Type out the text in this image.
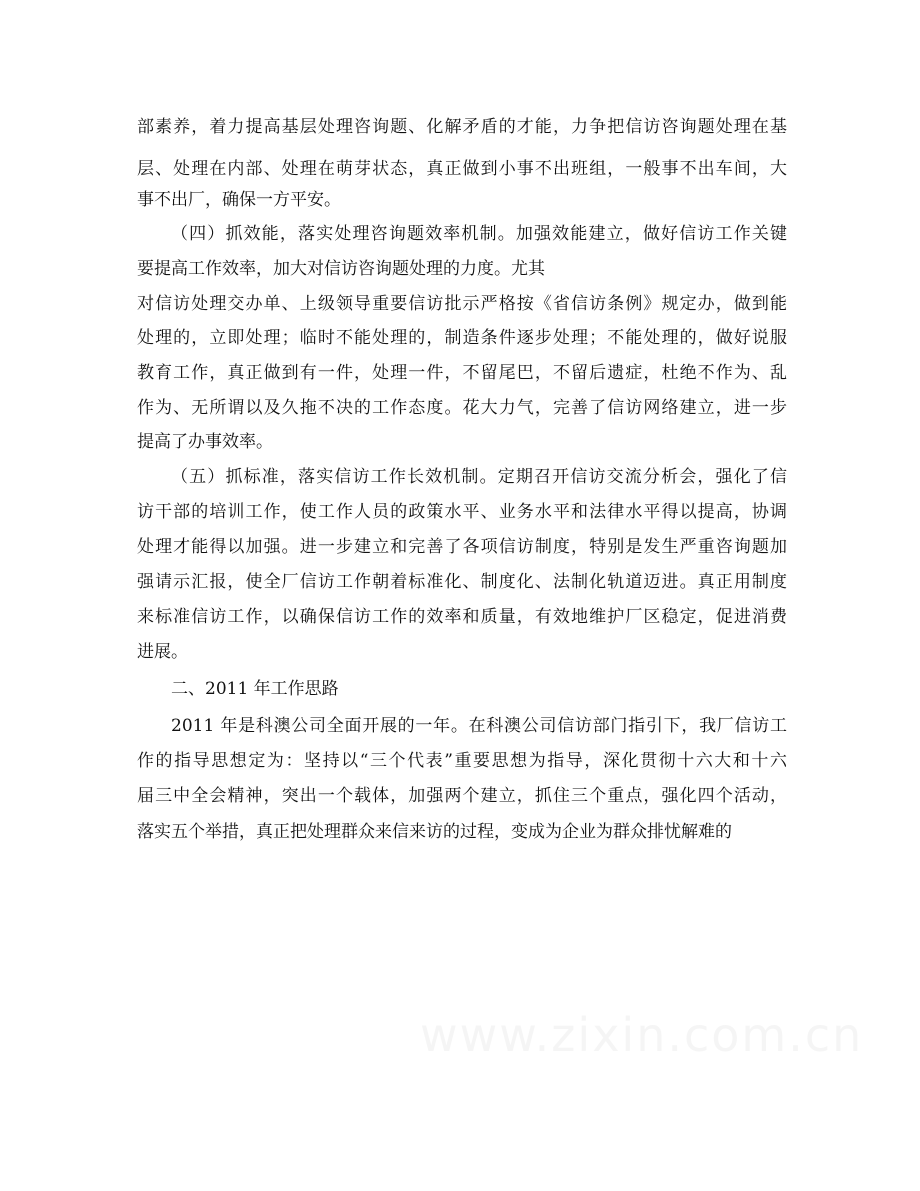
部素养，着力提高基层处理咨询题、化解矛盾的才能，力争把信访咨询题处理在基
层、处理在内部、处理在萌芽状态，真正做到小事不出班组，一般事不出车间，大
事不出厂，确保一方平安。
（四）抓效能，落实处理咨询题效率机制。加强效能建立，做好信访工作关键
要提高工作效率，加大对信访咨询题处理的力度。尤其
对信访处理交办单、上级领导重要信访批示严格按《省信访条例》规定办，做到能
处理的，立即处理；临时不能处理的，制造条件逐步处理；不能处理的，做好说服
教育工作，真正做到有一件，处理一件，不留尾巴，不留后遗症，杜绝不作为、乱
作为、无所谓以及久拖不决的工作态度。花大力气，完善了信访网络建立，进一步
提高了办事效率。
（五）抓标准，落实信访工作长效机制。定期召开信访交流分析会，强化了信
访干部的培训工作，使工作人员的政策水平、业务水平和法律水平得以提高，协调
处理才能得以加强。进一步建立和完善了各项信访制度，特别是发生严重咨询题加
强请示汇报，使全厂信访工作朝着标准化、制度化、法制化轨道迈进。真正用制度
来标准信访工作，以确保信访工作的效率和质量，有效地维护厂区稳定，促进消费
进展。
二、2011 年工作思路
2011 年是科澳公司全面开展的一年。在科澳公司信访部门指引下，我厂信访工
作的指导思想定为：坚持以“三个代表”重要思想为指导，深化贯彻十六大和十六
届三中全会精神，突出一个载体，加强两个建立，抓住三个重点，强化四个活动，
落实五个举措，真正把处理群众来信来访的过程，变成为企业为群众排忧解难的
www.zixin.com.cn
